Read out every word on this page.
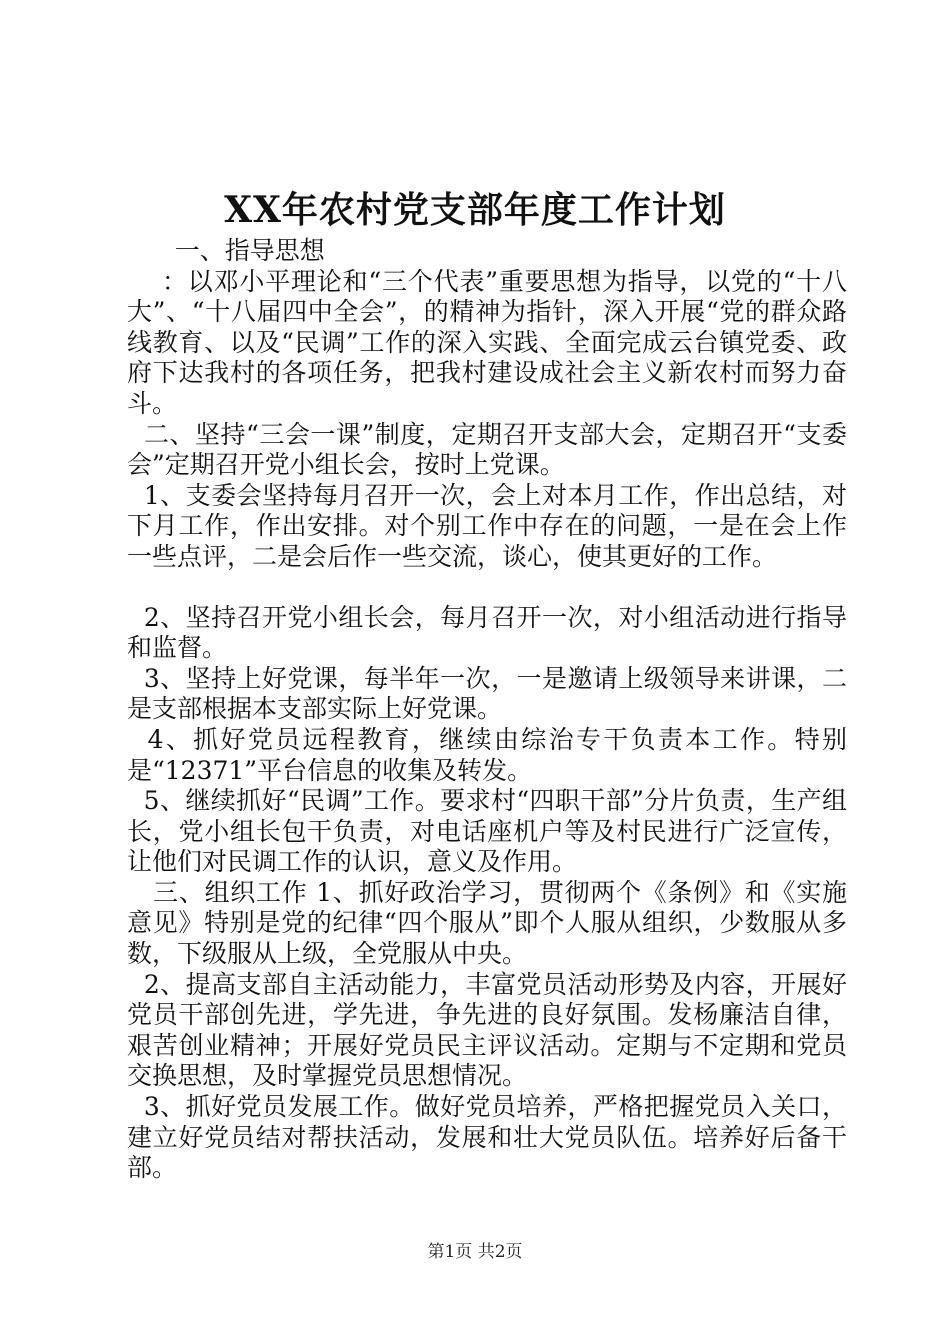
XX年农村党支部年度工作计划

一、指导思想

：以邓小平理论和“三个代表”重要思想为指导，以党的“十八大”、“十八届四中全会”，的精神为指针，深入开展“党的群众路线教育、以及“民调”工作的深入实践、全面完成云台镇党委、政府下达我村的各项任务，把我村建设成社会主义新农村而努力奋斗。

二、坚持“三会一课”制度，定期召开支部大会，定期召开“支委会”定期召开党小组长会，按时上党课。

1、支委会坚持每月召开一次，会上对本月工作，作出总结，对下月工作，作出安排。对个别工作中存在的问题，一是在会上作一些点评，二是会后作一些交流，谈心，使其更好的工作。

2、坚持召开党小组长会，每月召开一次，对小组活动进行指导和监督。

3、坚持上好党课，每半年一次，一是邀请上级领导来讲课，二是支部根据本支部实际上好党课。

4、抓好党员远程教育，继续由综治专干负责本工作。特别是“12371”平台信息的收集及转发。

5、继续抓好“民调”工作。要求村“四职干部”分片负责，生产组长，党小组长包干负责，对电话座机户等及村民进行广泛宣传，让他们对民调工作的认识，意义及作用。

三、组织工作 1、抓好政治学习，贯彻两个《条例》和《实施意见》特别是党的纪律“四个服从”即个人服从组织，少数服从多数，下级服从上级，全党服从中央。

2、提高支部自主活动能力，丰富党员活动形势及内容，开展好党员干部创先进，学先进，争先进的良好氛围。发杨廉洁自律，艰苦创业精神；开展好党员民主评议活动。定期与不定期和党员交换思想，及时掌握党员思想情况。

3、抓好党员发展工作。做好党员培养，严格把握党员入关口，建立好党员结对帮扶活动，发展和壮大党员队伍。培养好后备干部。

第1页 共2页
